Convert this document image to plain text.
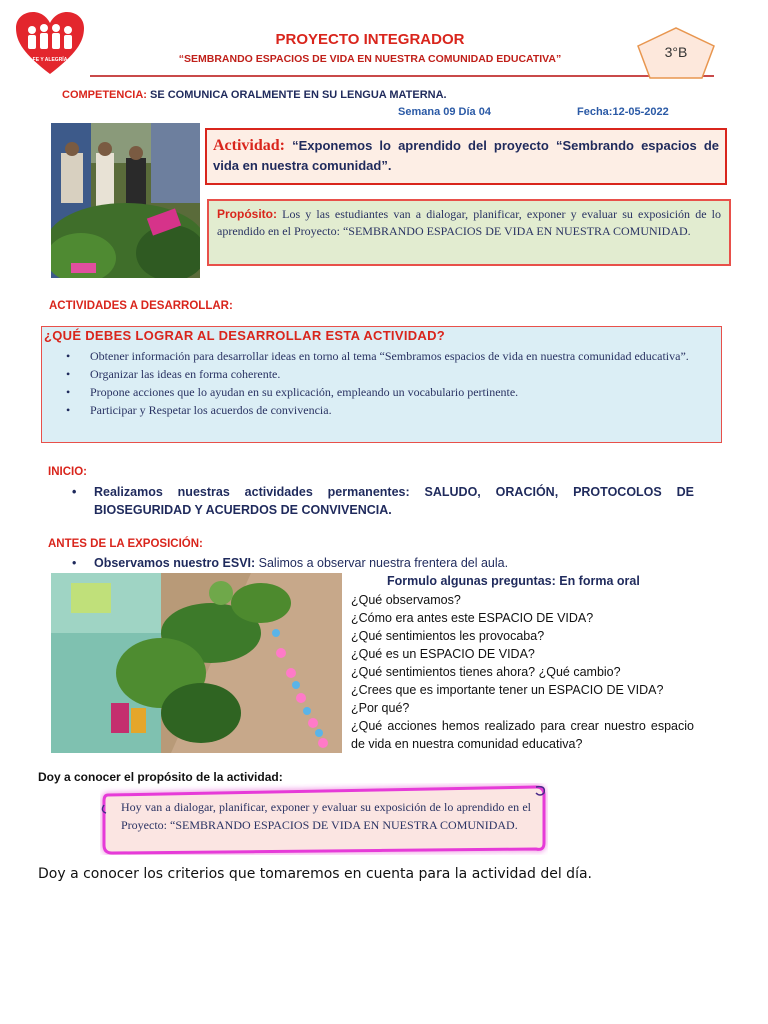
FE Y ALEGRÍA
PROYECTO INTEGRADOR
“SEMBRANDO ESPACIOS DE VIDA EN NUESTRA COMUNIDAD EDUCATIVA”	3°B
COMPETENCIA: SE COMUNICA ORALMENTE EN SU LENGUA MATERNA.
Semana 09 Día 04	Fecha:12-05-2022
Actividad: “Exponemos lo aprendido del proyecto “Sembrando espacios de vida en nuestra comunidad”.
Propósito: Los y las estudiantes van a dialogar, planificar, exponer y evaluar su exposición de lo aprendido en el Proyecto: “SEMBRANDO ESPACIOS DE VIDA EN NUESTRA COMUNIDAD.
ACTIVIDADES A DESARROLLAR:
¿QUÉ DEBES LOGRAR AL DESARROLLAR ESTA ACTIVIDAD?
• Obtener información para desarrollar ideas en torno al tema “Sembramos espacios de vida en nuestra comunidad educativa”.
• Organizar las ideas en forma coherente.
• Propone acciones que lo ayudan en su explicación, empleando un vocabulario pertinente.
• Participar y Respetar los acuerdos de convivencia.
INICIO:
• Realizamos nuestras actividades permanentes: SALUDO, ORACIÓN, PROTOCOLOS DE BIOSEGURIDAD Y ACUERDOS DE CONVIVENCIA.
ANTES DE LA EXPOSICIÓN:
• Observamos nuestro ESVI: Salimos a observar nuestra frentera del aula.
Formulo algunas preguntas: En forma oral
¿Qué observamos?
¿Cómo era antes este ESPACIO DE VIDA?
¿Qué sentimientos les provocaba?
¿Qué es un ESPACIO DE VIDA?
¿Qué sentimientos tienes ahora? ¿Qué cambio?
¿Crees que es importante tener un ESPACIO DE VIDA?
¿Por qué?
¿Qué acciones hemos realizado para crear nuestro espacio de vida en nuestra comunidad educativa?
Doy a conocer el propósito de la actividad:
Hoy van a dialogar, planificar, exponer y evaluar su exposición de lo aprendido en el Proyecto: “SEMBRANDO ESPACIOS DE VIDA EN NUESTRA COMUNIDAD.
Doy a conocer los criterios que tomaremos en cuenta para la actividad del día.
